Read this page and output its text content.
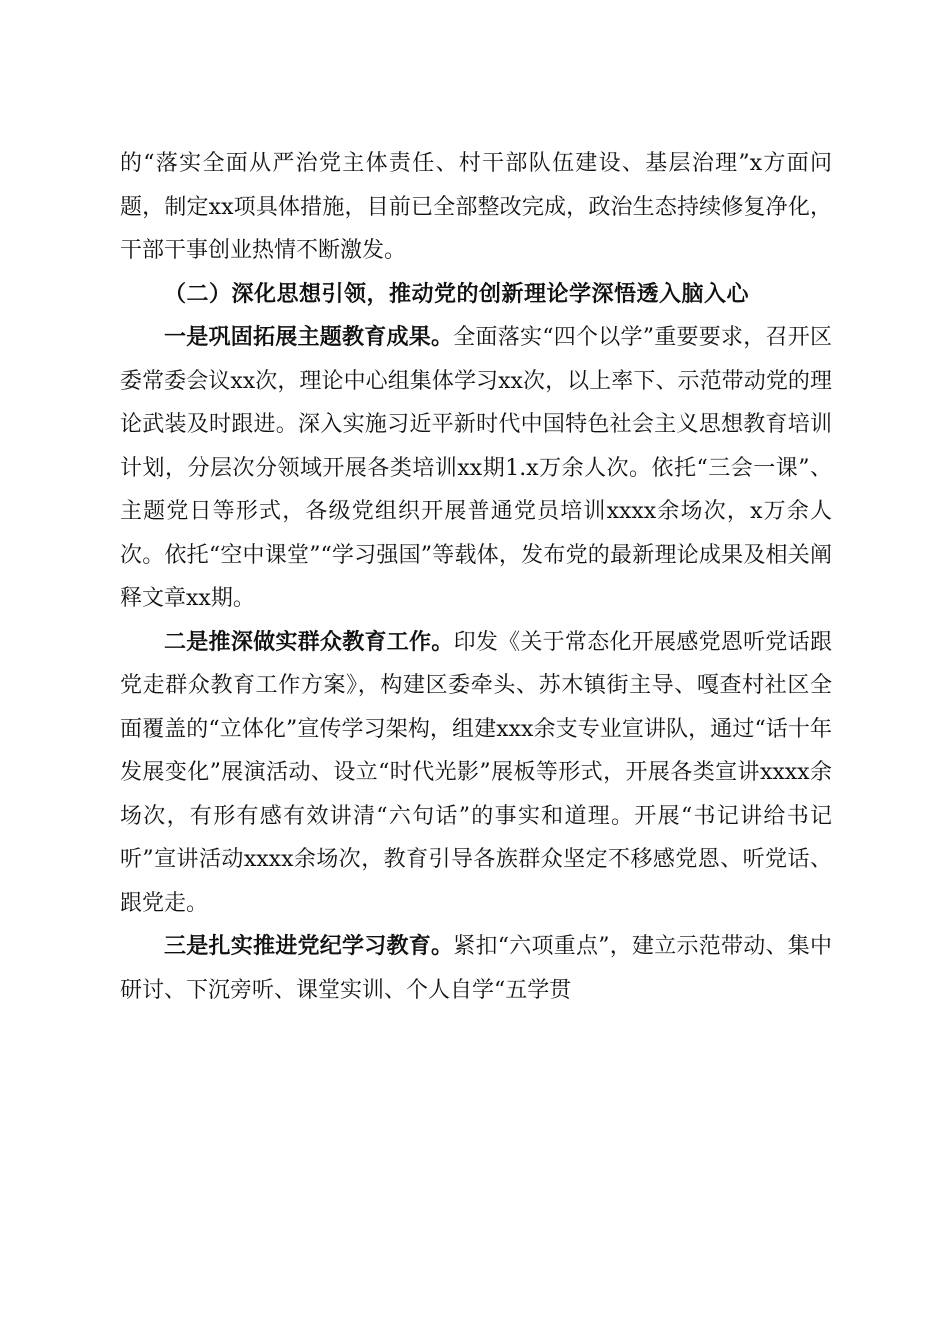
的“落实全面从严治党主体责任、村干部队伍建设、基层治理”x方面问题，制定xx项具体措施，目前已全部整改完成，政治生态持续修复净化，干部干事创业热情不断激发。

（二）深化思想引领，推动党的创新理论学深悟透入脑入心

一是巩固拓展主题教育成果。全面落实“四个以学”重要要求，召开区委常委会议xx次，理论中心组集体学习xx次，以上率下、示范带动党的理论武装及时跟进。深入实施习近平新时代中国特色社会主义思想教育培训计划，分层次分领域开展各类培训xx期1.x万余人次。依托“三会一课”、主题党日等形式，各级党组织开展普通党员培训xxxx余场次，x万余人次。依托“空中课堂”“学习强国”等载体，发布党的最新理论成果及相关阐释文章xx期。

二是推深做实群众教育工作。印发《关于常态化开展感党恩听党话跟党走群众教育工作方案》，构建区委牵头、苏木镇街主导、嘎查村社区全面覆盖的“立体化”宣传学习架构，组建xxx余支专业宣讲队，通过“话十年发展变化”展演活动、设立“时代光影”展板等形式，开展各类宣讲xxxx余场次，有形有感有效讲清“六句话”的事实和道理。开展“书记讲给书记听”宣讲活动xxxx余场次，教育引导各族群众坚定不移感党恩、听党话、跟党走。

三是扎实推进党纪学习教育。紧扣“六项重点”，建立示范带动、集中研讨、下沉旁听、课堂实训、个人自学“五学贯
